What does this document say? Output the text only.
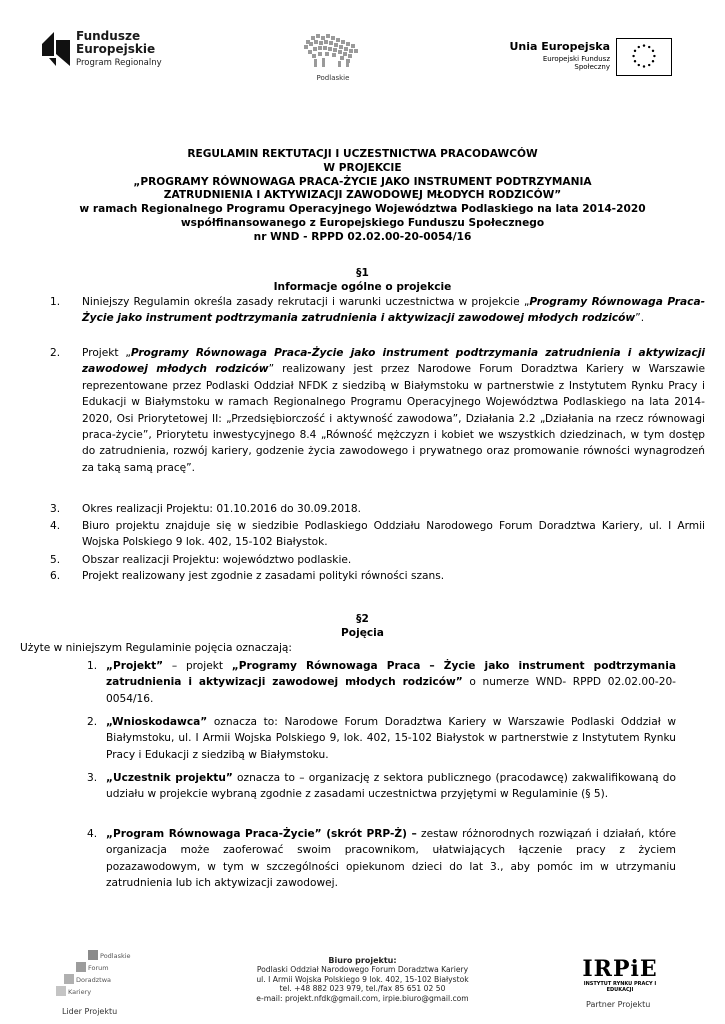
Fundusze
Europejskie
Program Regionalny
Podlaskie
Unia Europejska
Europejski Fundusz Społeczny
REGULAMIN REKTUTACJI I UCZESTNICTWA PRACODAWCÓW
W PROJEKCIE
„PROGRAMY RÓWNOWAGA PRACA-ŻYCIE JAKO INSTRUMENT PODTRZYMANIA
ZATRUDNIENIA I AKTYWIZACJI ZAWODOWEJ MŁODYCH RODZICÓW”
w ramach Regionalnego Programu Operacyjnego Województwa Podlaskiego na lata 2014-2020
współfinansowanego z Europejskiego Funduszu Społecznego
nr WND - RPPD 02.02.00-20-0054/16
§1
Informacje ogólne o projekcie
1. Niniejszy Regulamin określa zasady rekrutacji i warunki uczestnictwa w projekcie „Programy Równowaga Praca-Życie jako instrument podtrzymania zatrudnienia i aktywizacji zawodowej młodych rodziców”.
2. Projekt „Programy Równowaga Praca-Życie jako instrument podtrzymania zatrudnienia i aktywizacji zawodowej młodych rodziców” realizowany jest przez Narodowe Forum Doradztwa Kariery w Warszawie reprezentowane przez Podlaski Oddział NFDK z siedzibą w Białymstoku w partnerstwie z Instytutem Rynku Pracy i Edukacji w Białymstoku w ramach Regionalnego Programu Operacyjnego Województwa Podlaskiego na lata 2014-2020, Osi Priorytetowej II: „Przedsiębiorczość i aktywność zawodowa”, Działania 2.2 „Działania na rzecz równowagi praca-życie”, Priorytetu inwestycyjnego 8.4 „Równość mężczyzn i kobiet we wszystkich dziedzinach, w tym dostęp do zatrudnienia, rozwój kariery, godzenie życia zawodowego i prywatnego oraz promowanie równości wynagrodzeń za taką samą pracę”.
3. Okres realizacji Projektu: 01.10.2016 do 30.09.2018.
4. Biuro projektu znajduje się w siedzibie Podlaskiego Oddziału Narodowego Forum Doradztwa Kariery, ul. I Armii Wojska Polskiego 9 lok. 402, 15-102 Białystok.
5. Obszar realizacji Projektu: województwo podlaskie.
6. Projekt realizowany jest zgodnie z zasadami polityki równości szans.
§2
Pojęcia
Użyte w niniejszym Regulaminie pojęcia oznaczają:
1. „Projekt” – projekt „Programy Równowaga Praca – Życie jako instrument podtrzymania zatrudnienia i aktywizacji zawodowej młodych rodziców” o numerze WND- RPPD 02.02.00-20-0054/16.
2. „Wnioskodawca” oznacza to: Narodowe Forum Doradztwa Kariery w Warszawie Podlaski Oddział w Białymstoku, ul. I Armii Wojska Polskiego 9, lok. 402, 15-102 Białystok w partnerstwie z Instytutem Rynku Pracy i Edukacji z siedzibą w Białymstoku.
3. „Uczestnik projektu” oznacza to – organizację z sektora publicznego (pracodawcę) zakwalifikowaną do udziału w projekcie wybraną zgodnie z zasadami uczestnictwa przyjętymi w Regulaminie (§ 5).
4. „Program Równowaga Praca-Życie” (skrót PRP-Ż) – zestaw różnorodnych rozwiązań i działań, które organizacja może zaoferować swoim pracownikom, ułatwiających łączenie pracy z życiem pozazawodowym, w tym w szczególności opiekunom dzieci do lat 3., aby pomóc im w utrzymaniu zatrudnienia lub ich aktywizacji zawodowej.
Podlaskie
Forum
Doradztwa
Kariery
Lider Projektu
Biuro projektu:
Podlaski Oddział Narodowego Forum Doradztwa Kariery
ul. I Armii Wojska Polskiego 9 lok. 402, 15-102 Białystok
tel. +48 882 023 979, tel./fax 85 651 02 50
e-mail: projekt.nfdk@gmail.com, irpie.biuro@gmail.com
IRPiE
INSTYTUT RYNKU PRACY I EDUKACJI
Partner Projektu
